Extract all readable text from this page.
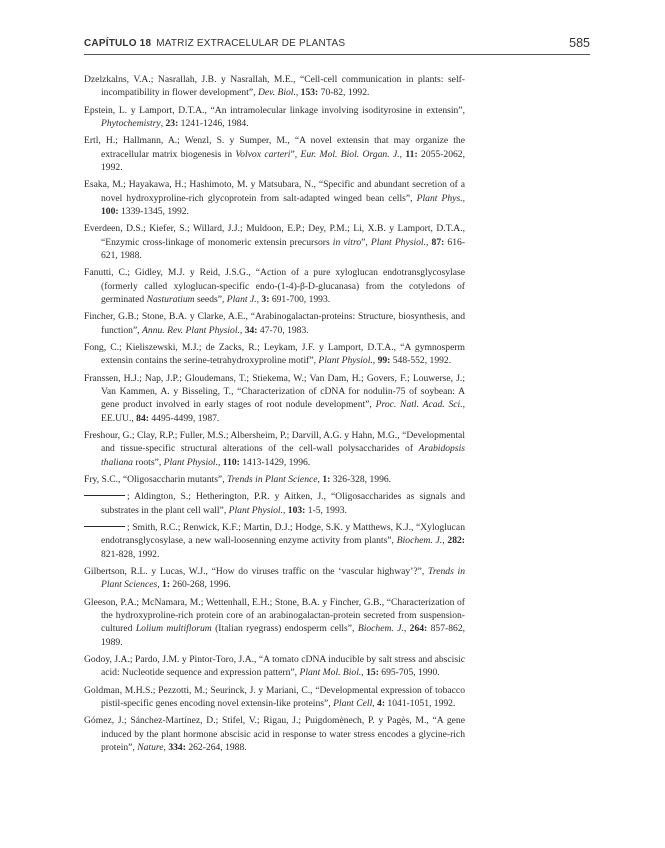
CAPÍTULO 18 MATRIZ EXTRACELULAR DE PLANTAS	585

Dzelzkalns, V.A.; Nasrallah, J.B. y Nasrallah, M.E., “Cell-cell communication in plants: self-incompatibility in flower development”, Dev. Biol., 153: 70-82, 1992.

Epstein, L. y Lamport, D.T.A., “An intramolecular linkage involving isodityrosine in extensin”, Phytochemistry, 23: 1241-1246, 1984.

Ertl, H.; Hallmann, A.; Wenzl, S. y Sumper, M., “A novel extensin that may organize the extracellular matrix biogenesis in Volvox carteri”, Eur. Mol. Biol. Organ. J., 11: 2055-2062, 1992.

Esaka, M.; Hayakawa, H.; Hashimoto, M. y Matsubara, N., “Specific and abundant secretion of a novel hydroxyproline-rich glycoprotein from salt-adapted winged bean cells”, Plant Phys., 100: 1339-1345, 1992.

Everdeen, D.S.; Kiefer, S.; Willard, J.J.; Muldoon, E.P.; Dey, P.M.; Li, X.B. y Lamport, D.T.A., “Enzymic cross-linkage of monomeric extensin precursors in vitro”, Plant Physiol., 87: 616-621, 1988.

Fanutti, C.; Gidley, M.J. y Reid, J.S.G., “Action of a pure xyloglucan endotransglycosylase (formerly called xyloglucan-specific endo-(1-4)-β-D-glucanasa) from the cotyledons of germinated Nasturatium seeds”, Plant J., 3: 691-700, 1993.

Fincher, G.B.; Stone, B.A. y Clarke, A.E., “Arabinogalactan-proteins: Structure, biosynthesis, and function”, Annu. Rev. Plant Physiol., 34: 47-70, 1983.

Fong, C.; Kieliszewski, M.J.; de Zacks, R.; Leykam, J.F. y Lamport, D.T.A., “A gymnosperm extensin contains the serine-tetrahydroxyproline motif”, Plant Physiol., 99: 548-552, 1992.

Franssen, H.J.; Nap, J.P.; Gloudemans, T.; Stiekema, W.; Van Dam, H.; Govers, F.; Louwerse, J.; Van Kammen, A. y Bisseling, T., “Characterization of cDNA for nodulin-75 of soybean: A gene product involved in early stages of root nodule development”, Proc. Natl. Acad. Sci., EE.UU., 84: 4495-4499, 1987.

Freshour, G.; Clay, R.P.; Fuller, M.S.; Albersheim, P.; Darvill, A.G. y Hahn, M.G., “Developmental and tissue-specific structural alterations of the cell-wall polysaccharides of Arabidopsis thaliana roots”, Plant Physiol., 110: 1413-1429, 1996.

Fry, S.C., “Oligosaccharin mutants”, Trends in Plant Science, 1: 326-328, 1996.

; Aldington, S.; Hetherington, P.R. y Aitken, J., “Oligosaccharides as signals and substrates in the plant cell wall”, Plant Physiol., 103: 1-5, 1993.

; Smith, R.C.; Renwick, K.F.; Martin, D.J.; Hodge, S.K. y Matthews, K.J., “Xyloglucan endotransglycosylase, a new wall-loosenning enzyme activity from plants”, Biochem. J., 282: 821-828, 1992.

Gilbertson, R.L. y Lucas, W.J., “How do viruses traffic on the ‘vascular highway’?”, Trends in Plant Sciences, 1: 260-268, 1996.

Gleeson, P.A.; McNamara, M.; Wettenhall, E.H.; Stone, B.A. y Fincher, G.B., “Characterization of the hydroxyproline-rich protein core of an arabinogalactan-protein secreted from suspension-cultured Lolium multiflorum (Italian ryegrass) endosperm cells”, Biochem. J., 264: 857-862, 1989.

Godoy, J.A.; Pardo, J.M. y Pintor-Toro, J.A., “A tomato cDNA inducible by salt stress and abscisic acid: Nucleotide sequence and expression pattern”, Plant Mol. Biol., 15: 695-705, 1990.

Goldman, M.H.S.; Pezzotti, M.; Seurinck, J. y Mariani, C., “Developmental expression of tobacco pistil-specific genes encoding novel extensin-like proteins”, Plant Cell, 4: 1041-1051, 1992.

Gómez, J.; Sánchez-Martínez, D.; Stifel, V.; Rigau, J.; Puigdomènech, P. y Pagès, M., “A gene induced by the plant hormone abscisic acid in response to water stress encodes a glycine-rich protein”, Nature, 334: 262-264, 1988.
